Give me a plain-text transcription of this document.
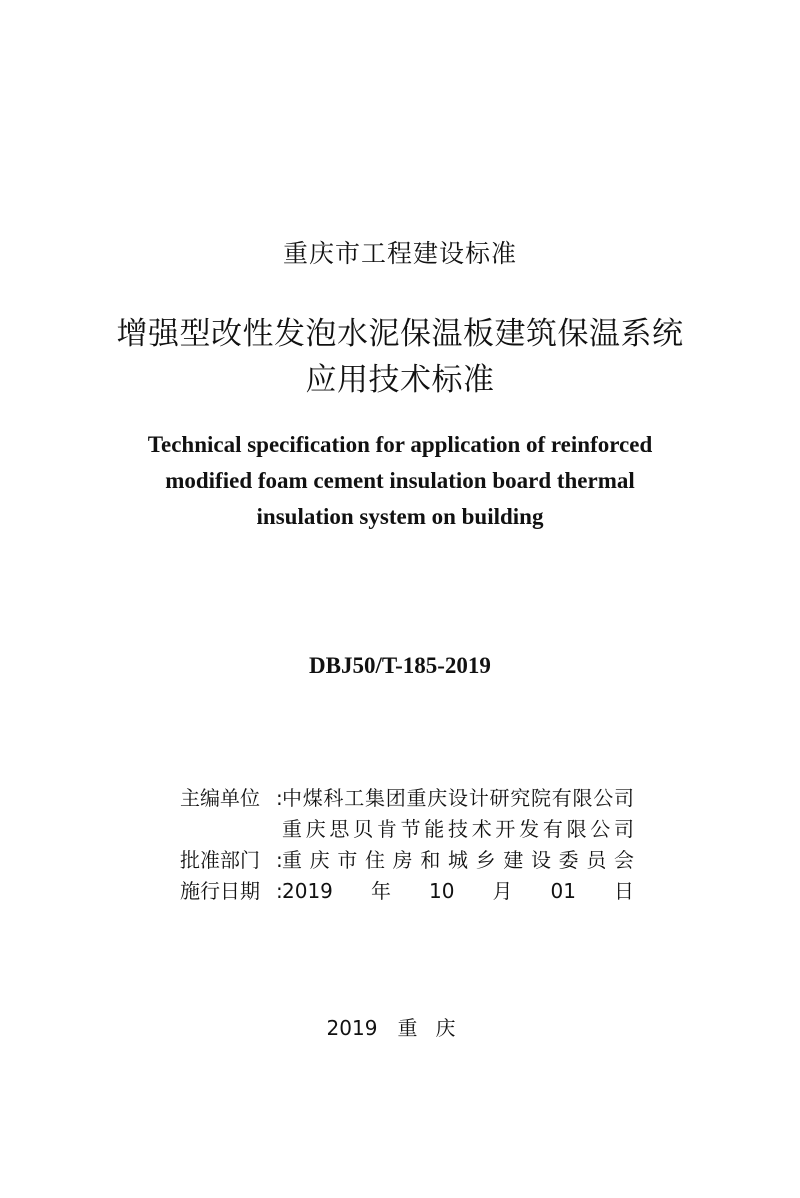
重庆市工程建设标准
增强型改性发泡水泥保温板建筑保温系统
应用技术标准
Technical specification for application of reinforced
modified foam cement insulation board thermal
insulation system on building
DBJ50/T-185-2019
主编单位 :中煤科工集团重庆设计研究院有限公司
重庆思贝肯节能技术开发有限公司
批准部门 :重庆市住房和城乡建设委员会
施行日期 :2019年10月01日
2019 重庆
